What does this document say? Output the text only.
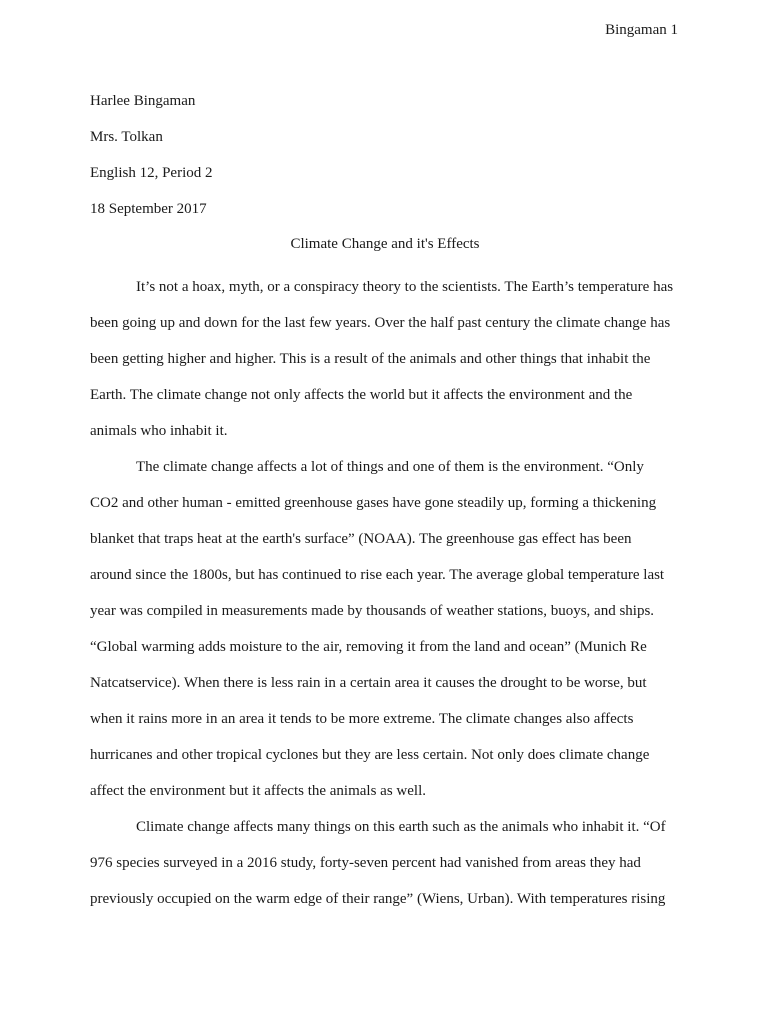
Bingaman 1
Harlee Bingaman
Mrs. Tolkan
English 12, Period 2
18 September 2017
Climate Change and it's Effects
It’s not a hoax, myth, or a conspiracy theory to the scientists. The Earth’s temperature has
been going up and down for the last few years. Over the half past century the climate change has
been getting higher and higher. This is a result of the animals and other things that inhabit the
Earth. The climate change not only affects the world but it affects the environment and the
animals who inhabit it.
The climate change affects a lot of things and one of them is the environment. “Only
CO2 and other human - emitted greenhouse gases have gone steadily up, forming a thickening
blanket that traps heat at the earth's surface” (NOAA). The greenhouse gas effect has been
around since the 1800s, but has continued to rise each year. The average global temperature last
year was compiled in measurements made by thousands of weather stations, buoys, and ships.
“Global warming adds moisture to the air, removing it from the land and ocean” (Munich Re
Natcatservice). When there is less rain in a certain area it causes the drought to be worse, but
when it rains more in an area it tends to be more extreme. The climate changes also affects
hurricanes and other tropical cyclones but they are less certain. Not only does climate change
affect the environment but it affects the animals as well.
Climate change affects many things on this earth such as the animals who inhabit it. “Of
976 species surveyed in a 2016 study, forty-seven percent had vanished from areas they had
previously occupied on the warm edge of their range” (Wiens, Urban). With temperatures rising
